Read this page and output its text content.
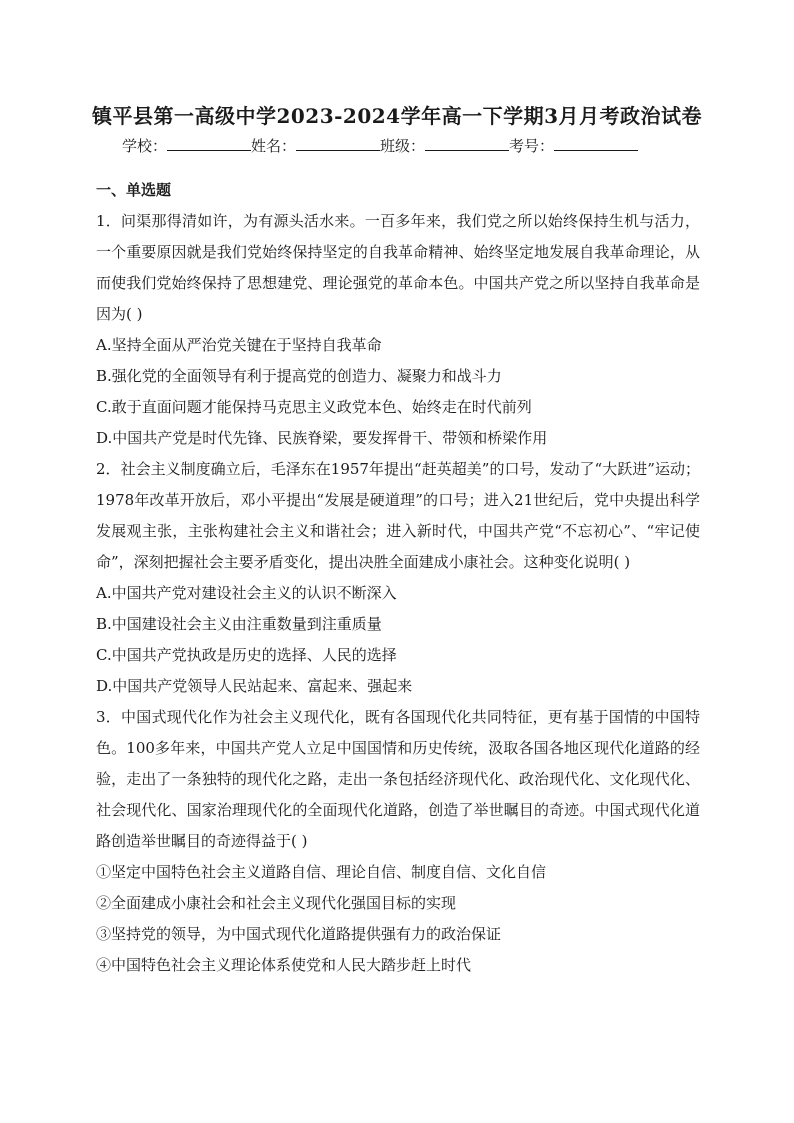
镇平县第一高级中学2023-2024学年高一下学期3月月考政治试卷
学校：	姓名：	班级：	考号：
一、单选题

1．问渠那得清如许，为有源头活水来。一百多年来，我们党之所以始终保持生机与活力，一个重要原因就是我们党始终保持坚定的自我革命精神、始终坚定地发展自我革命理论，从而使我们党始终保持了思想建党、理论强党的革命本色。中国共产党之所以坚持自我革命是因为( )

A.坚持全面从严治党关键在于坚持自我革命
B.强化党的全面领导有利于提高党的创造力、凝聚力和战斗力
C.敢于直面问题才能保持马克思主义政党本色、始终走在时代前列
D.中国共产党是时代先锋、民族脊梁，要发挥骨干、带领和桥梁作用

2．社会主义制度确立后，毛泽东在1957年提出“赶英超美”的口号，发动了“大跃进”运动；1978年改革开放后，邓小平提出“发展是硬道理”的口号；进入21世纪后，党中央提出科学发展观主张，主张构建社会主义和谐社会；进入新时代，中国共产党“不忘初心”、“牢记使命”，深刻把握社会主要矛盾变化，提出决胜全面建成小康社会。这种变化说明( )

A.中国共产党对建设社会主义的认识不断深入
B.中国建设社会主义由注重数量到注重质量
C.中国共产党执政是历史的选择、人民的选择
D.中国共产党领导人民站起来、富起来、强起来

3．中国式现代化作为社会主义现代化，既有各国现代化共同特征，更有基于国情的中国特色。100多年来，中国共产党人立足中国国情和历史传统，汲取各国各地区现代化道路的经验，走出了一条独特的现代化之路，走出一条包括经济现代化、政治现代化、文化现代化、社会现代化、国家治理现代化的全面现代化道路，创造了举世瞩目的奇迹。中国式现代化道路创造举世瞩目的奇迹得益于( )

①坚定中国特色社会主义道路自信、理论自信、制度自信、文化自信
②全面建成小康社会和社会主义现代化强国目标的实现
③坚持党的领导，为中国式现代化道路提供强有力的政治保证
④中国特色社会主义理论体系使党和人民大踏步赶上时代
